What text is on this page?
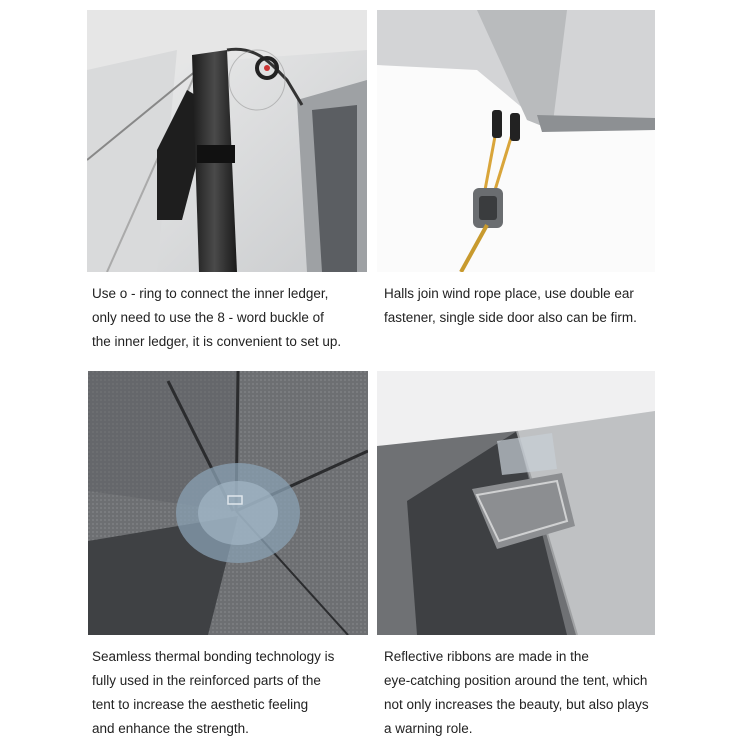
Use o - ring to connect the inner ledger,
only need to use the 8 - word buckle of
the inner ledger, it is convenient to set up.
Halls join wind rope place, use double ear
fastener, single side door also can be firm.
Seamless thermal bonding technology is
fully used in the reinforced parts of the
tent to increase the aesthetic feeling
and enhance the strength.
Reflective ribbons are made in the
eye-catching position around the tent, which
not only increases the beauty, but also plays
a warning role.
